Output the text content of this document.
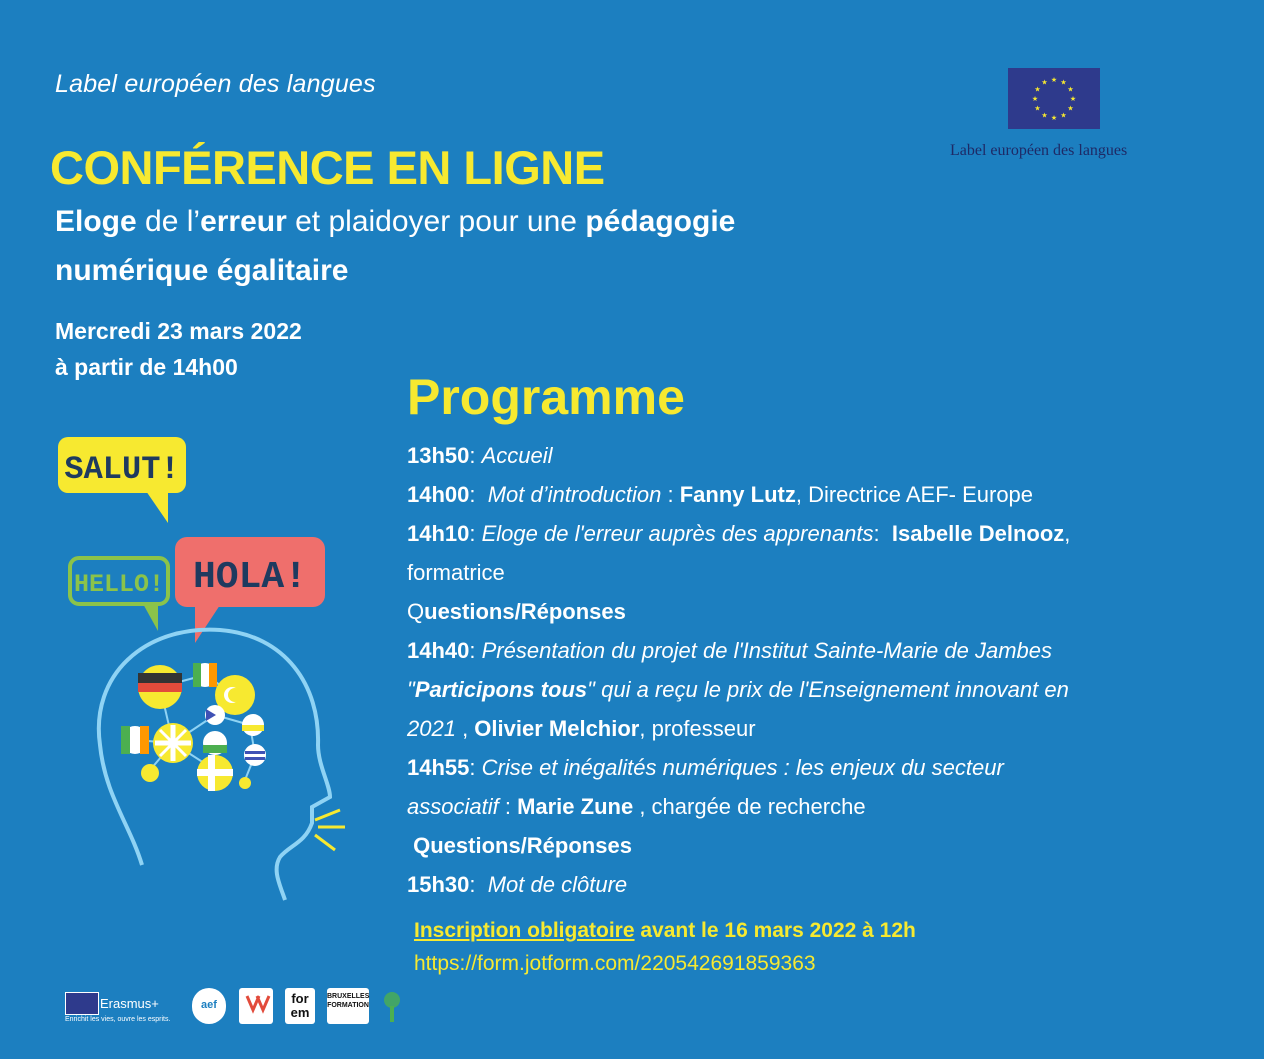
Label européen des langues
CONFÉRENCE EN LIGNE
Eloge de l’erreur et plaidoyer pour une pédagogie
numérique égalitaire
Mercredi 23 mars 2022
à partir de 14h00
★ ★
★
★
★
★
★
★
★
★
★
★
Label européen des langues
SALUT!
HELLO! HOLA!
Programme
13h50: Accueil
14h00:  Mot d’introduction : Fanny Lutz, Directrice AEF- Europe
14h10: Eloge de l'erreur auprès des apprenants:  Isabelle Delnooz,
formatrice
Questions/Réponses
14h40: Présentation du projet de l'Institut Sainte-Marie de Jambes
"Participons tous" qui a reçu le prix de l'Enseignement innovant en
2021 , Olivier Melchior, professeur
14h55: Crise et inégalités numériques : les enjeux du secteur
associatif : Marie Zune , chargée de recherche
Questions/Réponses
15h30:  Mot de clôture
Inscription obligatoire avant le 16 mars 2022 à 12h
https://form.jotform.com/220542691859363
Erasmus+
Enrichit les vies, ouvre les esprits.
aef	for em
BRUXELLES FORMATION
